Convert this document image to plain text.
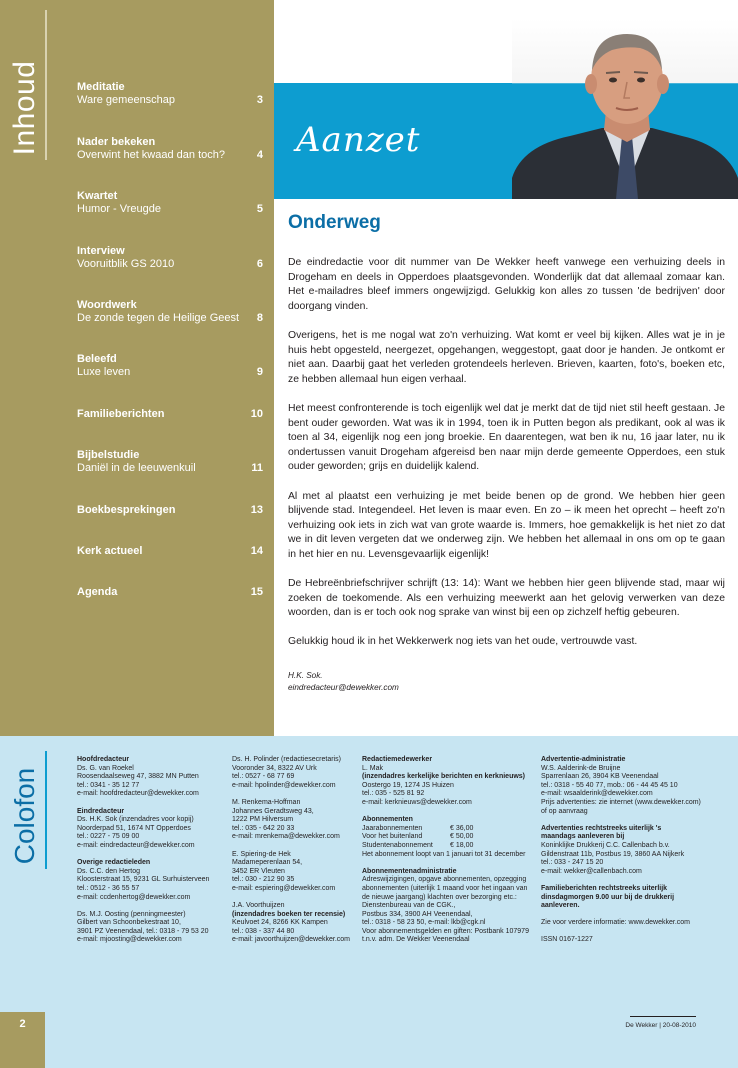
Inhoud	Meditatie
Ware gemeenschap	3
Nader bekeken
Overwint het kwaad dan toch?	4
Kwartet
Humor - Vreugde	5
Interview
Vooruitblik GS 2010	6
Woordwerk
De zonde tegen de Heilige Geest	8
Beleefd
Luxe leven	9
Familieberichten	10
Bijbelstudie
Daniël in de leeuwenkuil	11
Boekbesprekingen	13
Kerk actueel	14
Agenda	15
Aanzet
Onderweg

De eindredactie voor dit nummer van De Wekker heeft vanwege een verhuizing deels in Drogeham en deels in Opperdoes plaatsgevonden. Wonderlijk dat dat allemaal zomaar kan. Het e-mailadres bleef immers ongewijzigd. Gelukkig kon alles zo tussen 'de bedrijven' door doorgang vinden.

Overigens, het is me nogal wat zo'n verhuizing. Wat komt er veel bij kijken. Alles wat je in je huis hebt opgesteld, neergezet, opgehangen, weggestopt, gaat door je handen. Je ontkomt er niet aan. Daarbij gaat het verleden grotendeels herleven. Brieven, kaarten, foto's, boeken etc, ze hebben allemaal hun eigen verhaal.

Het meest confronterende is toch eigenlijk wel dat je merkt dat de tijd niet stil heeft gestaan. Je bent ouder geworden. Wat was ik in 1994, toen ik in Putten begon als predikant, ook al was ik toen al 34, eigenlijk nog een jong broekie. En daarentegen, wat ben ik nu, 16 jaar later, nu ik ondertussen vanuit Drogeham afgereisd ben naar mijn derde gemeente Opperdoes, een stuk ouder geworden; grijs en duidelijk kalend.

Al met al plaatst een verhuizing je met beide benen op de grond. We hebben hier geen blijvende stad. Integendeel. Het leven is maar even. En zo – ik meen het oprecht – heeft zo'n verhuizing ook iets in zich wat van grote waarde is. Immers, hoe gemakkelijk is het niet zo dat we in dit leven vergeten dat we onderweg zijn. We hebben het allemaal in ons om op te gaan in het hier en nu. Levensgevaarlijk eigenlijk!

De Hebreënbriefschrijver schrijft (13: 14): Want we hebben hier geen blijvende stad, maar wij zoeken de toekomende. Als een verhuizing meewerkt aan het gelovig verwerken van deze woorden, dan is er toch ook nog sprake van winst bij een op zichzelf heftig gebeuren.

Gelukkig houd ik in het Wekkerwerk nog iets van het oude, vertrouwde vast.

H.K. Sok.
eindredacteur@dewekker.com
Colofon
Hoofdredacteur
Ds. G. van Roekel
Roosendaalseweg 47, 3882 MN Putten
tel.: 0341 - 35 12 77
e-mail: hoofdredacteur@dewekker.com
Eindredacteur
Ds. H.K. Sok (inzendadres voor kopij)
Noorderpad 51, 1674 NT Opperdoes
tel.: 0227 - 75 09 00
e-mail: eindredacteur@dewekker.com
Overige redactieleden
Ds. C.C. den Hertog
Kloosterstraat 15, 9231 GL Surhuisterveen
tel.: 0512 - 36 55 57
e-mail: ccdenhertog@dewekker.com
Ds. M.J. Oosting (penningmeester)
Gilbert van Schoonbekestraat 10,
3901 PZ Veenendaal, tel.: 0318 - 79 53 20
e-mail: mjoosting@dewekker.com
Ds. H. Polinder (redactiesecretaris)
Vooronder 34, 8322 AV Urk
tel.: 0527 - 68 77 69
e-mail: hpolinder@dewekker.com
M. Renkema-Hoffman
Johannes Geradtsweg 43,
1222 PM Hilversum
tel.: 035 - 642 20 33
e-mail: mrenkema@dewekker.com
E. Spiering-de Hek
Madameperenlaan 54,
3452 ER Vleuten
tel.: 030 - 212 90 35
e-mail: espiering@dewekker.com
J.A. Voorthuijzen
(inzendadres boeken ter recensie)
Keulvoet 24, 8266 KK Kampen
tel.: 038 - 337 44 80
e-mail: javoorthuijzen@dewekker.com
Redactiemedewerker
L. Mak
(inzendadres kerkelijke berichten en kerknieuws)
Oostergo 19, 1274 JS Huizen
tel.: 035 - 525 81 92
e-mail: kerknieuws@dewekker.com
Abonnementen
Jaarabonnementen	€ 36,00
Voor het buitenland	€ 50,00
Studentenabonnement	€ 18,00
Het abonnement loopt van 1 januari tot 31 december
Abonnementenadministratie
Adreswijzigingen, opgave abonnementen, opzegging
abonnementen (uiterlijk 1 maand voor het ingaan van
de nieuwe jaargang) klachten over bezorging etc.:
Dienstenbureau van de CGK.,
Postbus 334, 3900 AH Veenendaal,
tel.: 0318 - 58 23 50, e-mail: lkb@cgk.nl
Voor abonnementsgelden en giften: Postbank 107979
t.n.v. adm. De Wekker Veenendaal
Advertentie-administratie
W.S. Aalderink-de Bruijne
Sparrenlaan 26, 3904 KB Veenendaal
tel.: 0318 - 55 40 77, mob.: 06 - 44 45 45 10
e-mail: wsaalderink@dewekker.com
Prijs advertenties: zie internet (www.dewekker.com)
of op aanvraag
Advertenties rechtstreeks uiterlijk 's maandags aanleveren bij
Koninklijke Drukkerij C.C. Callenbach b.v.
Gildenstraat 11b, Postbus 19, 3860 AA Nijkerk
tel.: 033 - 247 15 20
e-mail: wekker@callenbach.com
Familieberichten rechtstreeks uiterlijk dinsdagmorgen 9.00 uur bij de drukkerij aanleveren.
Zie voor verdere informatie: www.dewekker.com
ISSN 0167-1227
2	De Wekker | 20-08-2010
